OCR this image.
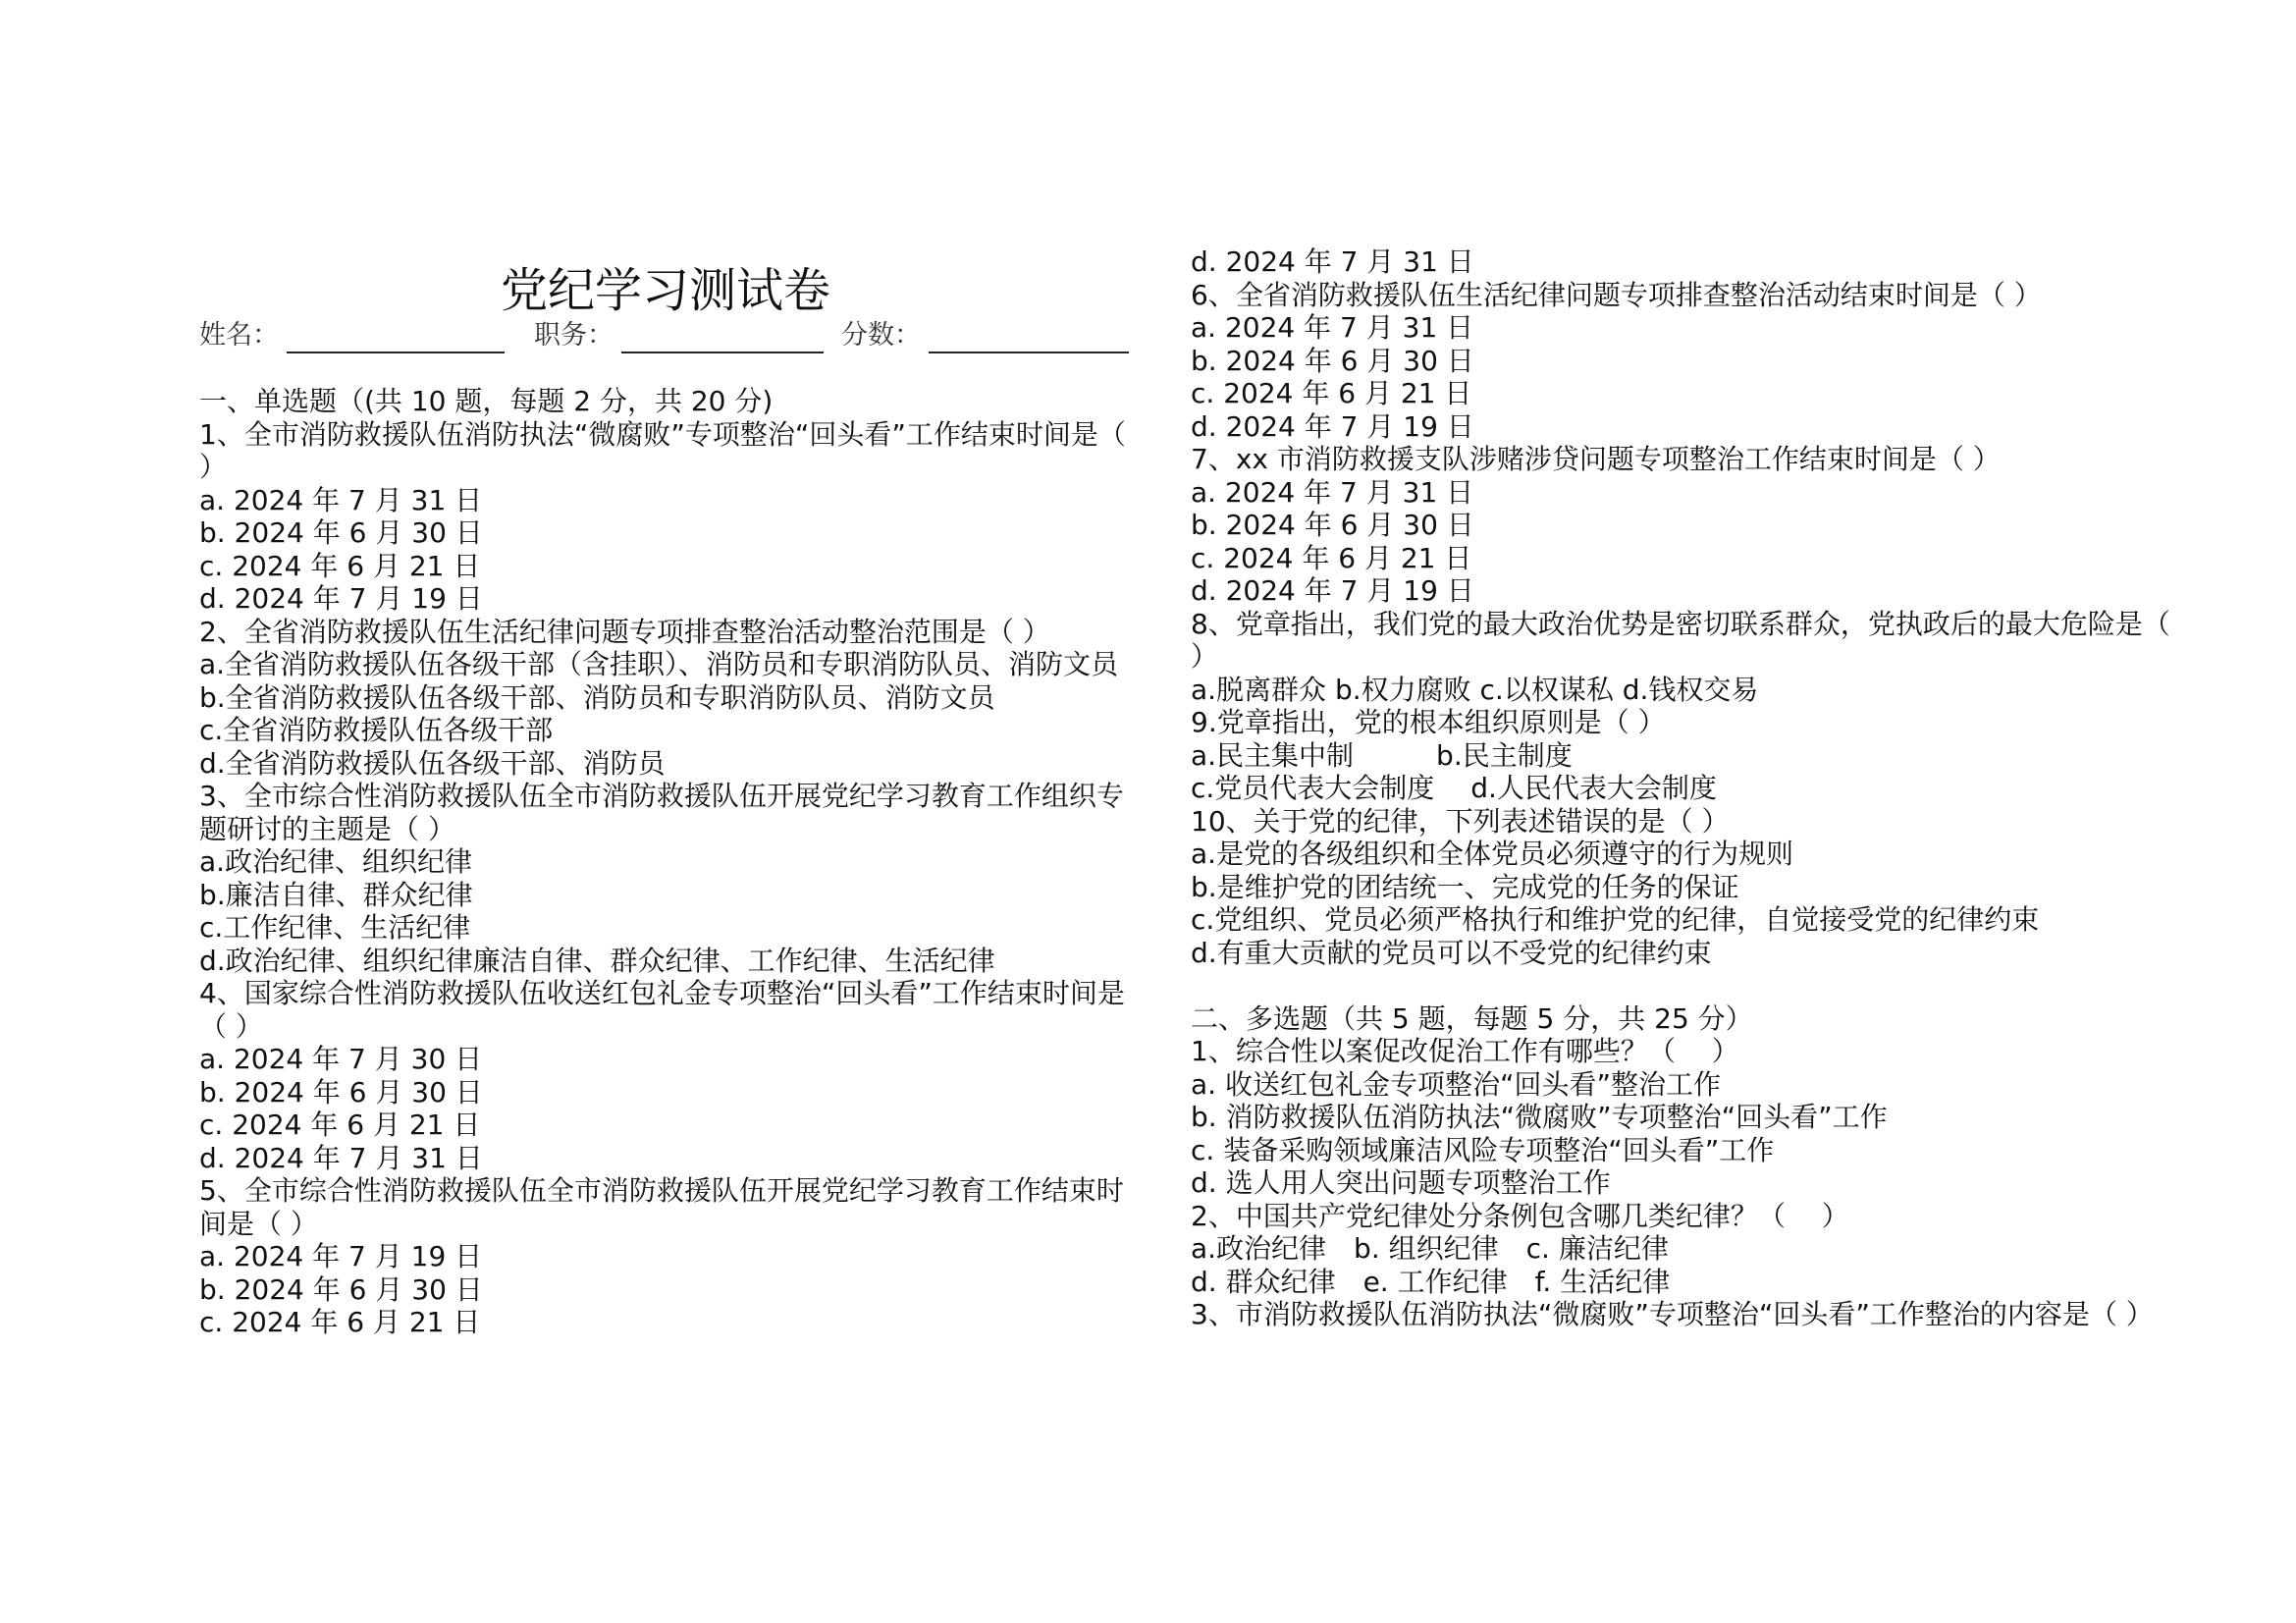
党纪学习测试卷
姓名：	职务：	分数：
一、单选题（(共 10 题，每题 2 分，共 20 分)
1、全市消防救援队伍消防执法“微腐败”专项整治“回头看”工作结束时间是（ ）
a. 2024 年 7 月 31 日
b. 2024 年 6 月 30 日
c. 2024 年 6 月 21 日
d. 2024 年 7 月 19 日
2、全省消防救援队伍生活纪律问题专项排查整治活动整治范围是（ ）
a.全省消防救援队伍各级干部（含挂职）、消防员和专职消防队员、消防文员
b.全省消防救援队伍各级干部、消防员和专职消防队员、消防文员
c.全省消防救援队伍各级干部
d.全省消防救援队伍各级干部、消防员
3、全市综合性消防救援队伍全市消防救援队伍开展党纪学习教育工作组织专题研讨的主题是（ ）
a.政治纪律、组织纪律
b.廉洁自律、群众纪律
c.工作纪律、生活纪律
d.政治纪律、组织纪律廉洁自律、群众纪律、工作纪律、生活纪律
4、国家综合性消防救援队伍收送红包礼金专项整治“回头看”工作结束时间是（ ）
a. 2024 年 7 月 30 日
b. 2024 年 6 月 30 日
c. 2024 年 6 月 21 日
d. 2024 年 7 月 31 日
5、全市综合性消防救援队伍全市消防救援队伍开展党纪学习教育工作结束时间是（ ）
a. 2024 年 7 月 19 日
b. 2024 年 6 月 30 日
c. 2024 年 6 月 21 日
d. 2024 年 7 月 31 日
6、全省消防救援队伍生活纪律问题专项排查整治活动结束时间是（ ）
a. 2024 年 7 月 31 日
b. 2024 年 6 月 30 日
c. 2024 年 6 月 21 日
d. 2024 年 7 月 19 日
7、xx 市消防救援支队涉赌涉贷问题专项整治工作结束时间是（ ）
a. 2024 年 7 月 31 日
b. 2024 年 6 月 30 日
c. 2024 年 6 月 21 日
d. 2024 年 7 月 19 日
8、党章指出，我们党的最大政治优势是密切联系群众，党执政后的最大危险是（ ）
a.脱离群众 b.权力腐败 c.以权谋私 d.钱权交易
9.党章指出，党的根本组织原则是（ ）
a.民主集中制　　　b.民主制度
c.党员代表大会制度　 d.人民代表大会制度
10、关于党的纪律，下列表述错误的是（ ）
a.是党的各级组织和全体党员必须遵守的行为规则
b.是维护党的团结统一、完成党的任务的保证
c.党组织、党员必须严格执行和维护党的纪律，自觉接受党的纪律约束
d.有重大贡献的党员可以不受党的纪律约束
二、多选题（共 5 题，每题 5 分，共 25 分）
1、综合性以案促改促治工作有哪些？（　 ）
a. 收送红包礼金专项整治“回头看”整治工作
b. 消防救援队伍消防执法“微腐败”专项整治“回头看”工作
c. 装备采购领域廉洁风险专项整治“回头看”工作
d. 选人用人突出问题专项整治工作
2、中国共产党纪律处分条例包含哪几类纪律？（　 ）
a.政治纪律　b. 组织纪律　c. 廉洁纪律
d. 群众纪律　e. 工作纪律　f. 生活纪律
3、市消防救援队伍消防执法“微腐败”专项整治“回头看”工作整治的内容是（ ）
